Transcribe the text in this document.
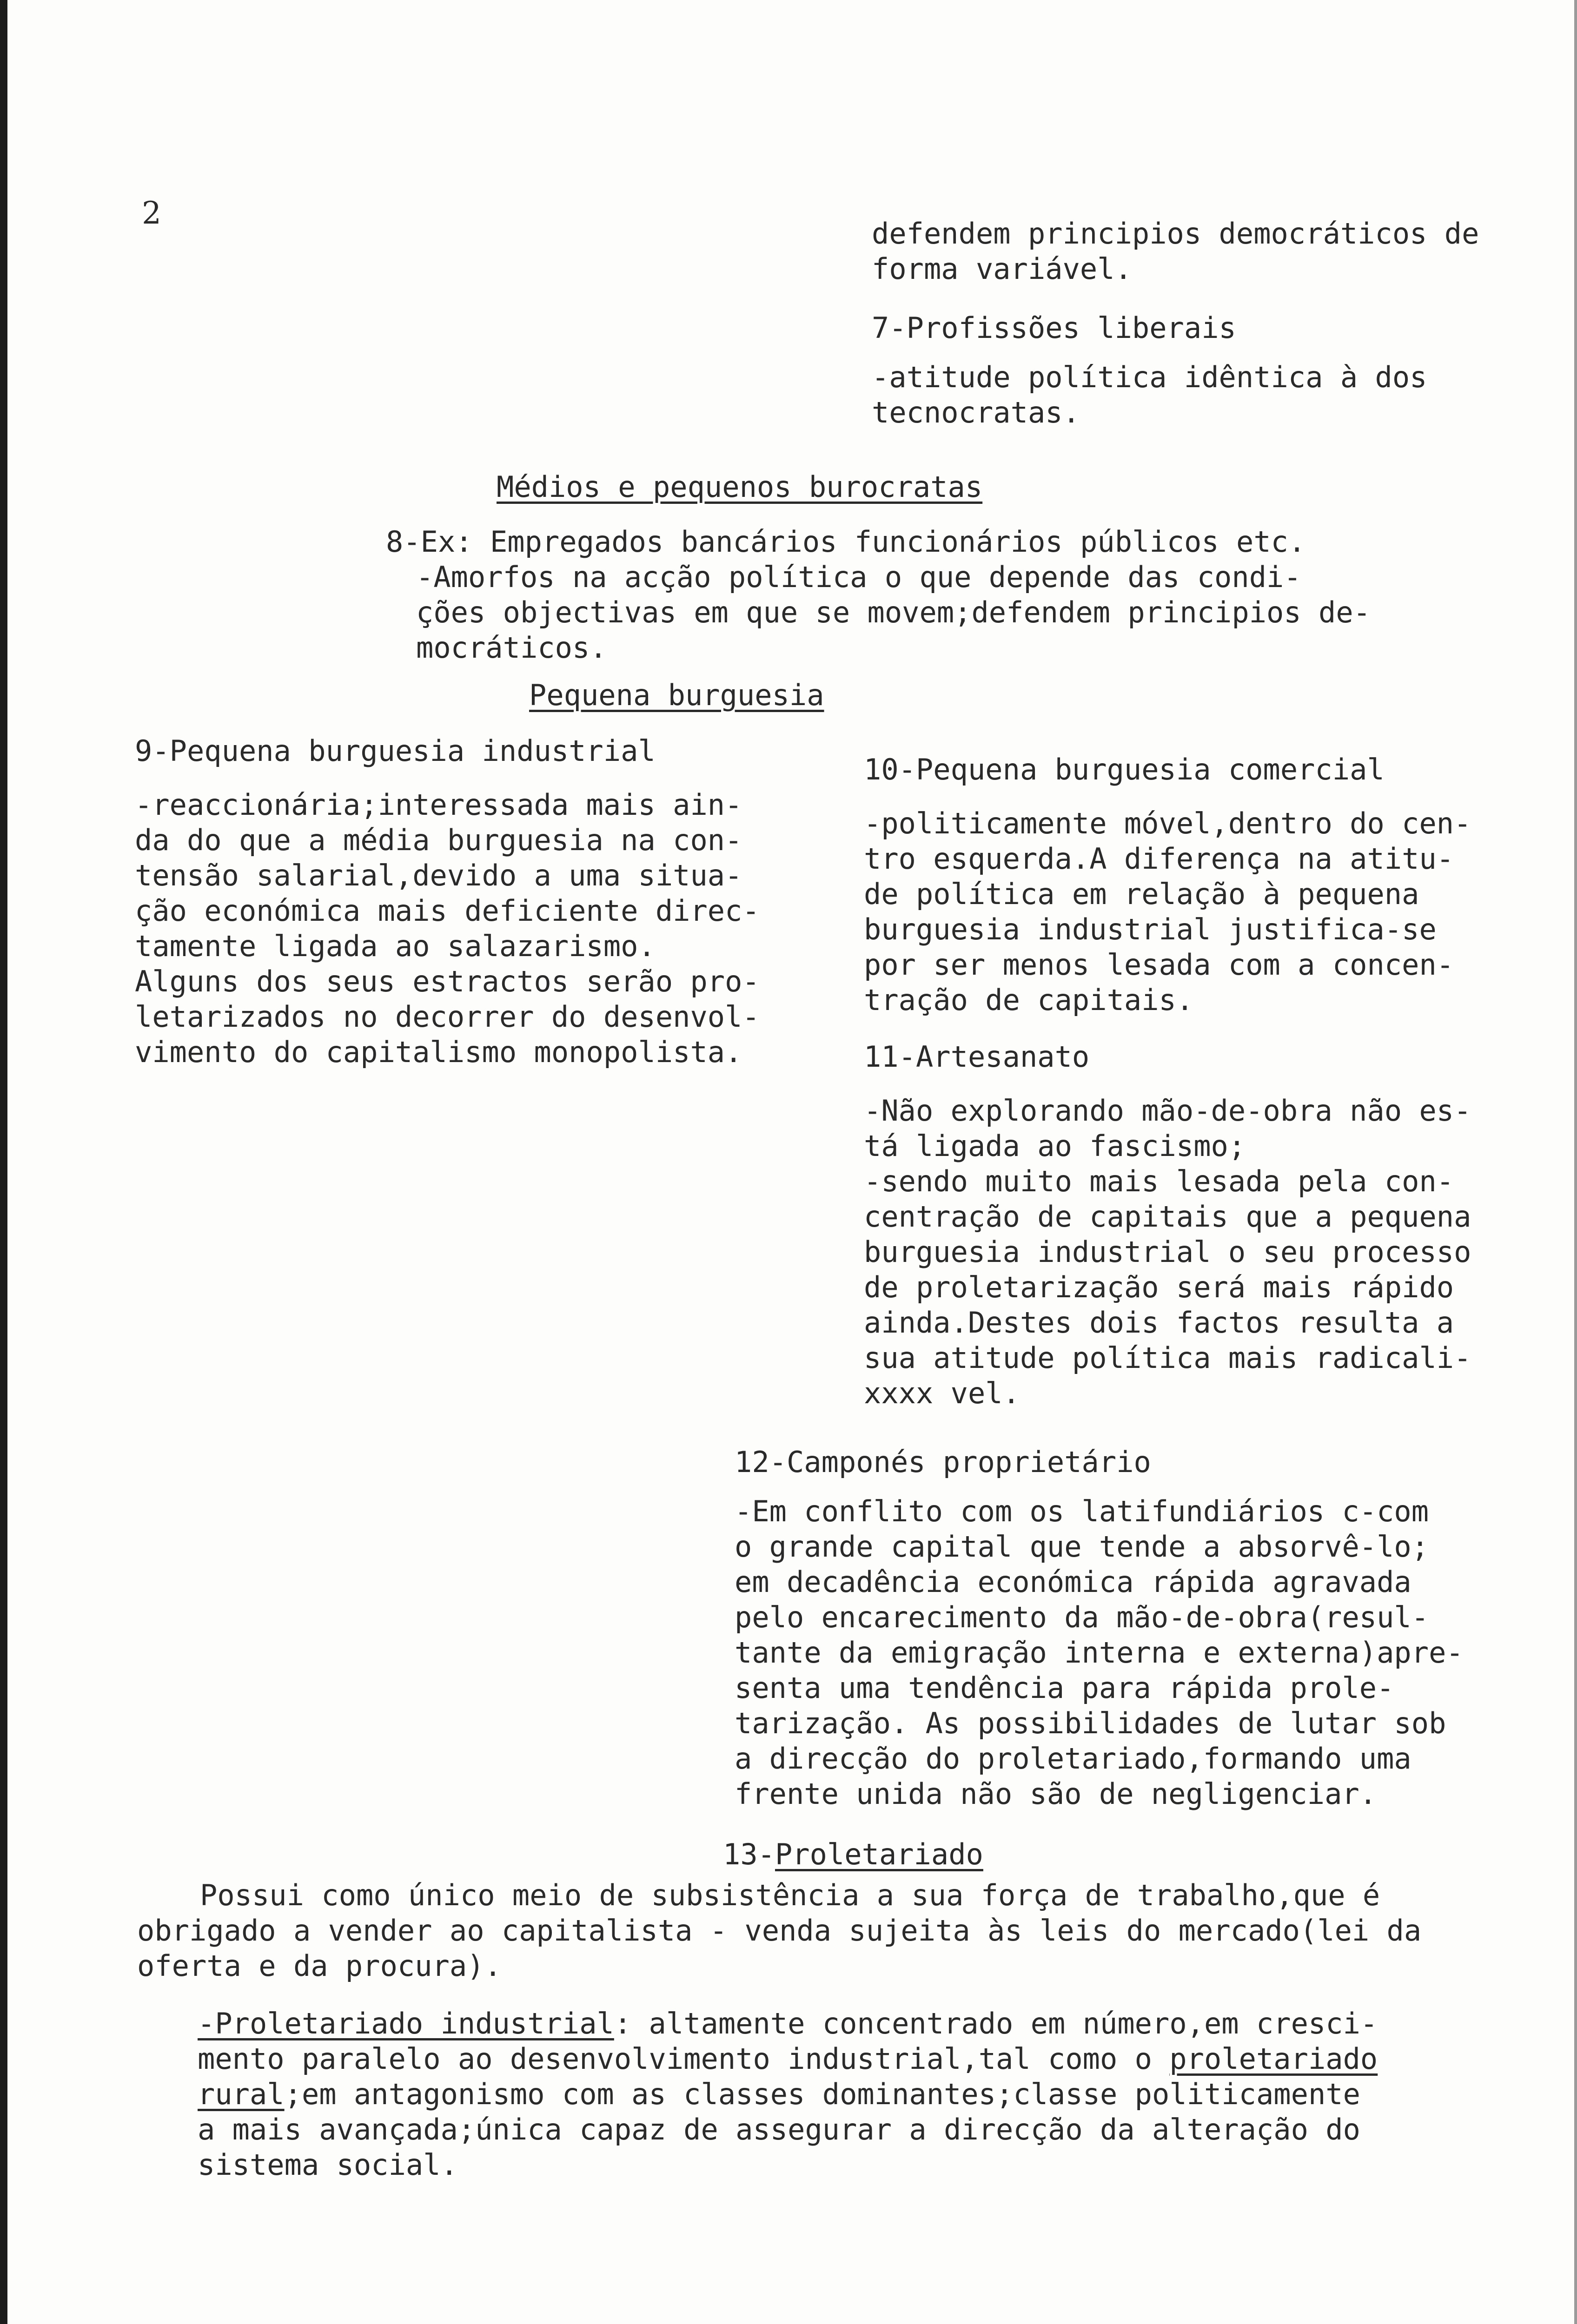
2
defendem principios democráticos de
forma variável.
7-Profissões liberais
-atitude política idêntica à dos
tecnocratas.
Médios e pequenos burocratas
8-Ex: Empregados bancários funcionários públicos etc.
-Amorfos na acção política o que depende das condi-
ções objectivas em que se movem;defendem principios de-
mocráticos.
Pequena burguesia
9-Pequena burguesia industrial
-reaccionária;interessada mais ain-
da do que a média burguesia na con-
tensão salarial,devido a uma situa-
ção económica mais deficiente direc-
tamente ligada ao salazarismo.
Alguns dos seus estractos serão pro-
letarizados no decorrer do desenvol-
vimento do capitalismo monopolista.
10-Pequena burguesia comercial
-politicamente móvel,dentro do cen-
tro esquerda.A diferença na atitu-
de política em relação à pequena
burguesia industrial justifica-se
por ser menos lesada com a concen-
tração de capitais.
11-Artesanato
-Não explorando mão-de-obra não es-
tá ligada ao fascismo;
-sendo muito mais lesada pela con-
centração de capitais que a pequena
burguesia industrial o seu processo
de proletarização será mais rápido
ainda.Destes dois factos resulta a
sua atitude política mais radicali-
xxxx vel.
12-Camponés proprietário
-Em conflito com os latifundiários c-com
o grande capital que tende a absorvê-lo;
em decadência económica rápida agravada
pelo encarecimento da mão-de-obra(resul-
tante da emigração interna e externa)apre-
senta uma tendência para rápida prole-
tarização. As possibilidades de lutar sob
a direcção do proletariado,formando uma
frente unida não são de negligenciar.
13-Proletariado
Possui como único meio de subsistência a sua força de trabalho,que é
obrigado a vender ao capitalista - venda sujeita às leis do mercado(lei da
oferta e da procura).
-Proletariado industrial: altamente concentrado em número,em cresci-
mento paralelo ao desenvolvimento industrial,tal como o proletariado
rural;em antagonismo com as classes dominantes;classe politicamente
a mais avançada;única capaz de assegurar a direcção da alteração do
sistema social.
